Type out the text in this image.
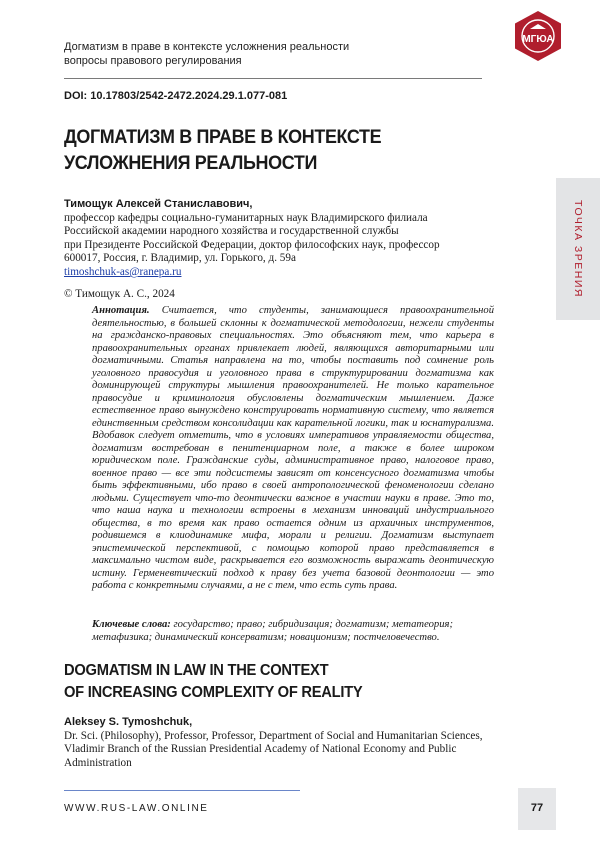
Догматизм в праве в контексте усложнения реальности
вопросы правового регулирования
МГЮА
DOI: 10.17803/2542-2472.2024.29.1.077-081
ДОГМАТИЗМ В ПРАВЕ В КОНТЕКСТЕ
УСЛОЖНЕНИЯ РЕАЛЬНОСТИ
ТОЧКА ЗРЕНИЯ
Тимощук Алексей Станиславович,
профессор кафедры социально-гуманитарных наук Владимирского филиала
Российской академии народного хозяйства и государственной службы
при Президенте Российской Федерации, доктор философских наук, профессор
600017, Россия, г. Владимир, ул. Горького, д. 59а
timoshchuk-as@ranepa.ru
© Тимощук А. С., 2024
Аннотация. Считается, что студенты, занимающиеся правоохранительной деятельностью, в большей склонны к догматической методологии, нежели студенты на гражданско-правовых специальностях. Это объясняют тем, что карьера в правоохранительных органах привлекает людей, являющихся авторитарными или догматичными. Статья направлена на то, чтобы поставить под сомнение роль уголовного правосудия и уголовного права в структурировании догматизма как доминирующей структуры мышления правоохранителей. Не только карательное правосудие и криминология обусловлены догматическим мышлением. Даже естественное право вынуждено конструировать нормативную систему, что является единственным средством консолидации как карательной логики, так и юснатурализма. Вдобавок следует отметить, что в условиях императивов управляемости общества, догматизм востребован в пенитенциарном поле, а также в более широком юридическом поле. Гражданские суды, административное право, налоговое право, военное право — все эти подсистемы зависят от консенсусного догматизма чтобы быть эффективными, ибо право в своей антропологической феноменологии сделано людьми. Существует что-то деонтически важное в участии науки в праве. Это то, что наша наука и технологии встроены в механизм инноваций индустриального общества, в то время как право остается одним из архаичных инструментов, родившемся в клиодинамике мифа, морали и религии. Догматизм выступает эпистемической перспективой, с помощью которой право представляется в максимально чистом виде, раскрывается его возможность выражать деонтическую истину. Герменевтический подход к праву без учета базовой деонтологии — это работа с конкретными случаями, а не с тем, что есть суть права.
Ключевые слова: государство; право; гибридизация; догматизм; метатеория; метафизика; динамический консерватизм; новационизм; постчеловечество.
DOGMATISM IN LAW IN THE CONTEXT
OF INCREASING COMPLEXITY OF REALITY
Aleksey S. Tymoshchuk,
Dr. Sci. (Philosophy), Professor, Professor, Department of Social and Humanitarian Sciences,
Vladimir Branch of the Russian Presidential Academy of National Economy and Public
Administration
WWW.RUS-LAW.ONLINE	77
